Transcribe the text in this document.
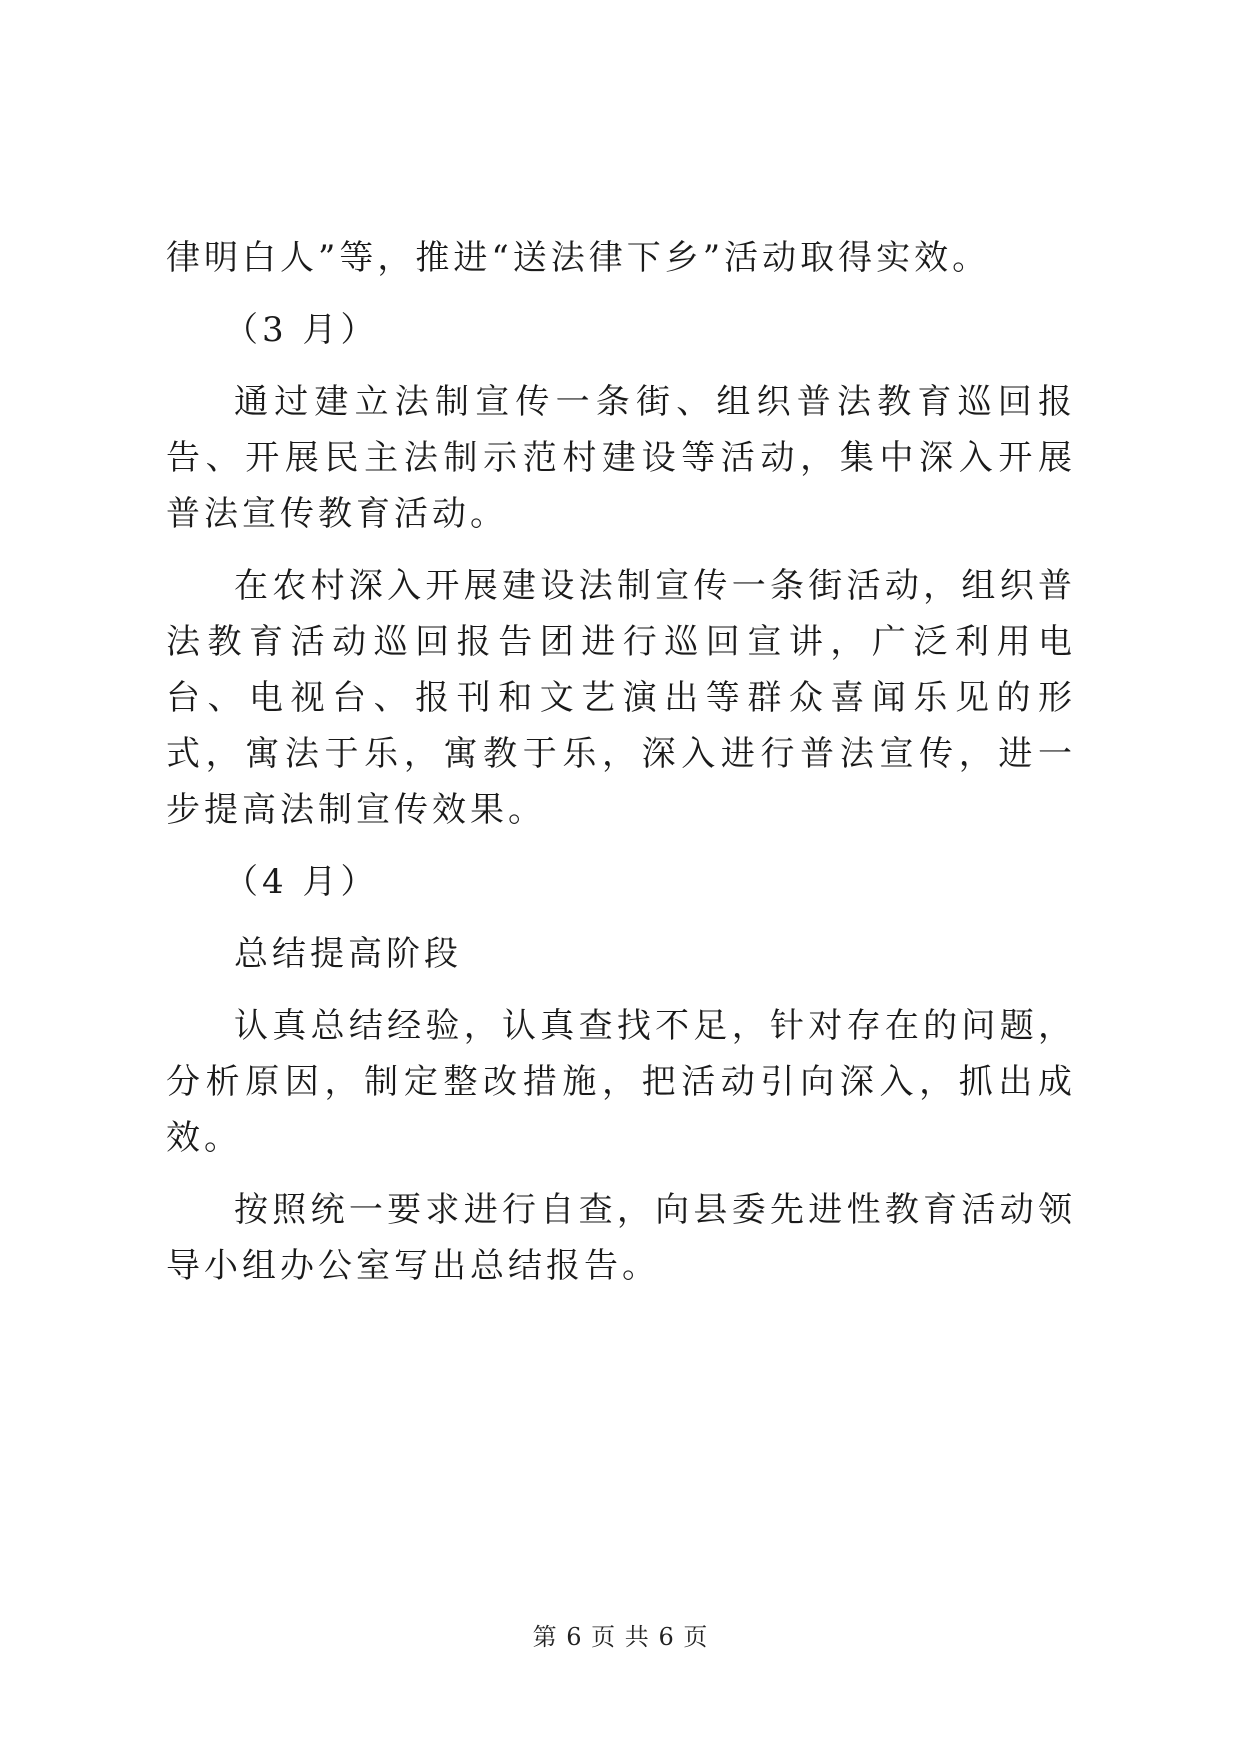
律明白人”等，推进“送法律下乡”活动取得实效。

（3 月）

通过建立法制宣传一条街、组织普法教育巡回报告、开展民主法制示范村建设等活动，集中深入开展普法宣传教育活动。

在农村深入开展建设法制宣传一条街活动，组织普法教育活动巡回报告团进行巡回宣讲，广泛利用电台、电视台、报刊和文艺演出等群众喜闻乐见的形式，寓法于乐，寓教于乐，深入进行普法宣传，进一步提高法制宣传效果。

（4 月）

总结提高阶段

认真总结经验，认真查找不足，针对存在的问题，分析原因，制定整改措施，把活动引向深入，抓出成效。

按照统一要求进行自查，向县委先进性教育活动领导小组办公室写出总结报告。

第 6 页 共 6 页
